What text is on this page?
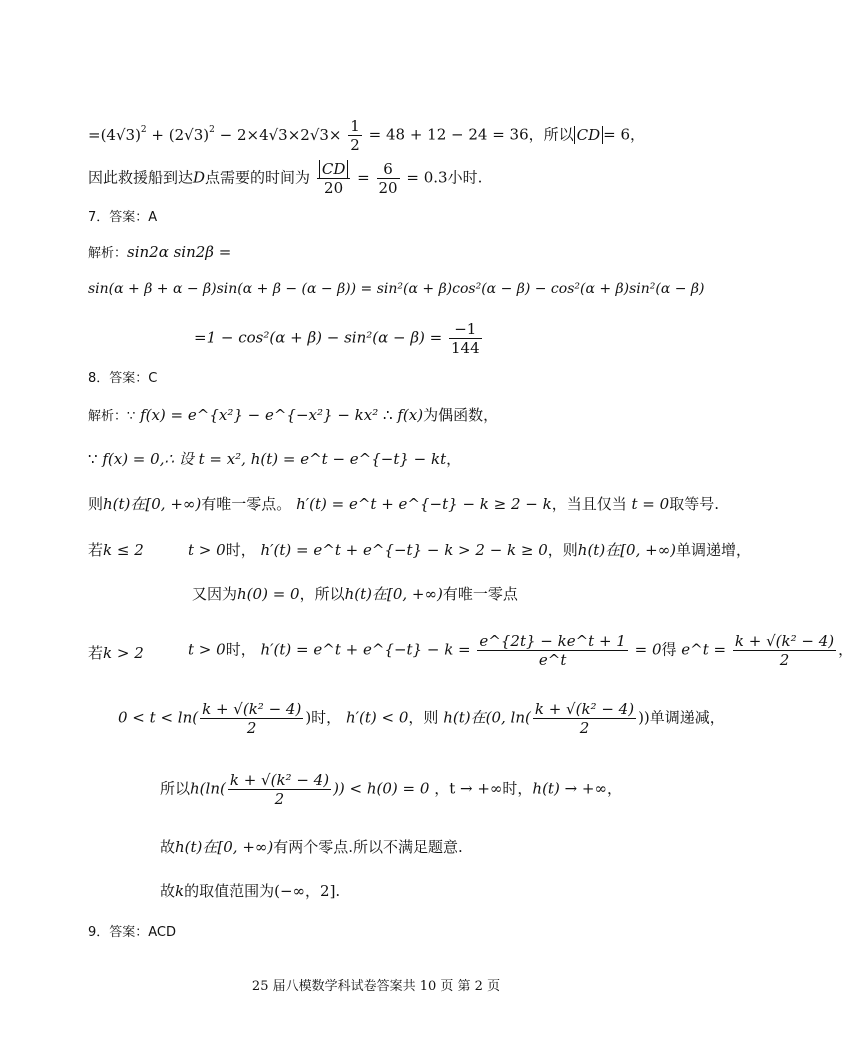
$=(4√3)^2 + (2√3)^2 - 2\times 4√3\times 2√3\times \frac{1}{2} = 48 + 12 - 24 = 36$，所以 CD = 6，
因此救援船到达D点需要的时间为 $\frac{CD}{20} = \frac{6}{20} = 0.3$小时.
7．答案：A
解析：sin2α sin2β =
sin(α + β + α − β)sin(α + β − (α − β)) = sin²(α + β)cos²(α − β) − cos²(α + β)sin²(α − β)
$=1 - \cos^2(\alpha + \beta) - \sin^2(\alpha - \beta) = \frac{-1}{144}$
8．答案：C
解析：∵ f(x) = e^{x²} − e^{−x²} − kx² ∴ f(x)为偶函数，
∵ f(x) = 0,∴ 设 t = x², h(t) = e^t − e^{−t} − kt，
则h(t)在[0, +∞)有唯一零点。 h′(t) = e^t + e^{−t} − k ≥ 2 − k，当且仅当 t = 0取等号.
若k ≤ 2	t > 0时， h′(t) = e^t + e^{−t} − k > 2 − k ≥ 0，则h(t)在[0, +∞)单调递增，
又因为h(0) = 0，所以h(t)在[0, +∞)有唯一零点
若k > 2	t > 0时， h′(t) = e^t + e^{−t} − $k = \frac{e\^{}\{2t\} - ke\^{}t + 1}{e\^{}t} = 0$得 e^t = $\frac{\text{k + √(k² − 4)}}{2}$ ，
$0 < t < \ln( \frac{\text{k + √(k² − 4)}}{2}$ )时， h′(t) < 0，则 h(t)在(0, $\ln( \frac{\text{k + √(k² − 4)}}{2}$ ))单调递减，
所以$h(\ln( \frac{\text{k + √(k² − 4)}}{2}$ )) < h(0) = 0 ，t → +∞时，h(t) → +∞，
故h(t)在[0, +∞)有两个零点.所以不满足题意.
故k的取值范围为(−∞，2].
9．答案：ACD
25 届八模数学科试卷答案共 10 页 第 2 页
